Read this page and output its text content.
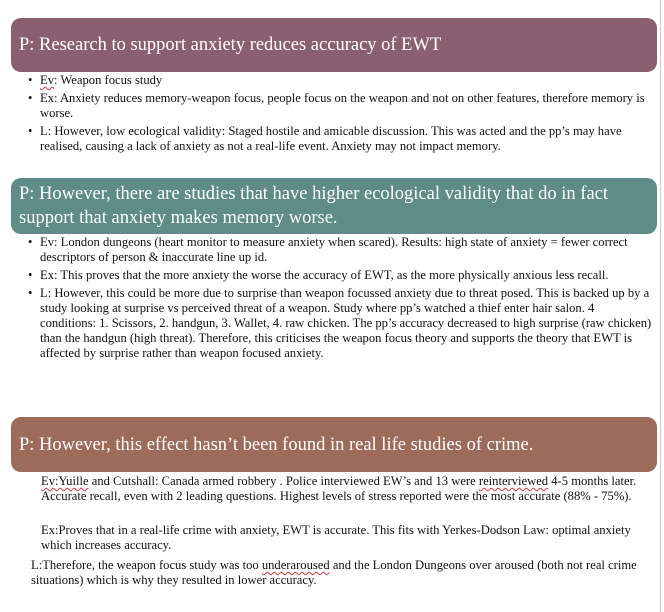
P: Research to support anxiety reduces accuracy of EWT
• Ev: Weapon focus study
• Ex: Anxiety reduces memory-weapon focus, people focus on the weapon and not on other features, therefore memory is worse.
• L: However, low ecological validity: Staged hostile and amicable discussion. This was acted and the pp’s may have realised, causing a lack of anxiety as not a real-life event. Anxiety may not impact memory.
P: However, there are studies that have higher ecological validity that do in fact support that anxiety makes memory worse.
• Ev: London dungeons (heart monitor to measure anxiety when scared). Results: high state of anxiety = fewer correct descriptors of person & inaccurate line up id.
• Ex: This proves that the more anxiety the worse the accuracy of EWT, as the more physically anxious less recall.
• L: However, this could be more due to surprise than weapon focussed anxiety due to threat posed. This is backed up by a study looking at surprise vs perceived threat of a weapon. Study where pp’s watched a thief enter hair salon. 4 conditions: 1. Scissors, 2. handgun, 3. Wallet, 4. raw chicken. The pp’s accuracy decreased to high surprise (raw chicken) than the handgun (high threat). Therefore, this criticises the weapon focus theory and supports the theory that EWT is affected by surprise rather than weapon focused anxiety.
P: However, this effect hasn’t been found in real life studies of crime.
Ev:Yuille and Cutshall: Canada armed robbery . Police interviewed EW’s and 13 were reinterviewed 4-5 months later. Accurate recall, even with 2 leading questions. Highest levels of stress reported were the most accurate (88% - 75%).
Ex:Proves that in a real-life crime with anxiety, EWT is accurate. This fits with Yerkes-Dodson Law: optimal anxiety which increases accuracy.
L:Therefore, the weapon focus study was too underaroused and the London Dungeons over aroused (both not real crime situations) which is why they resulted in lower accuracy.
